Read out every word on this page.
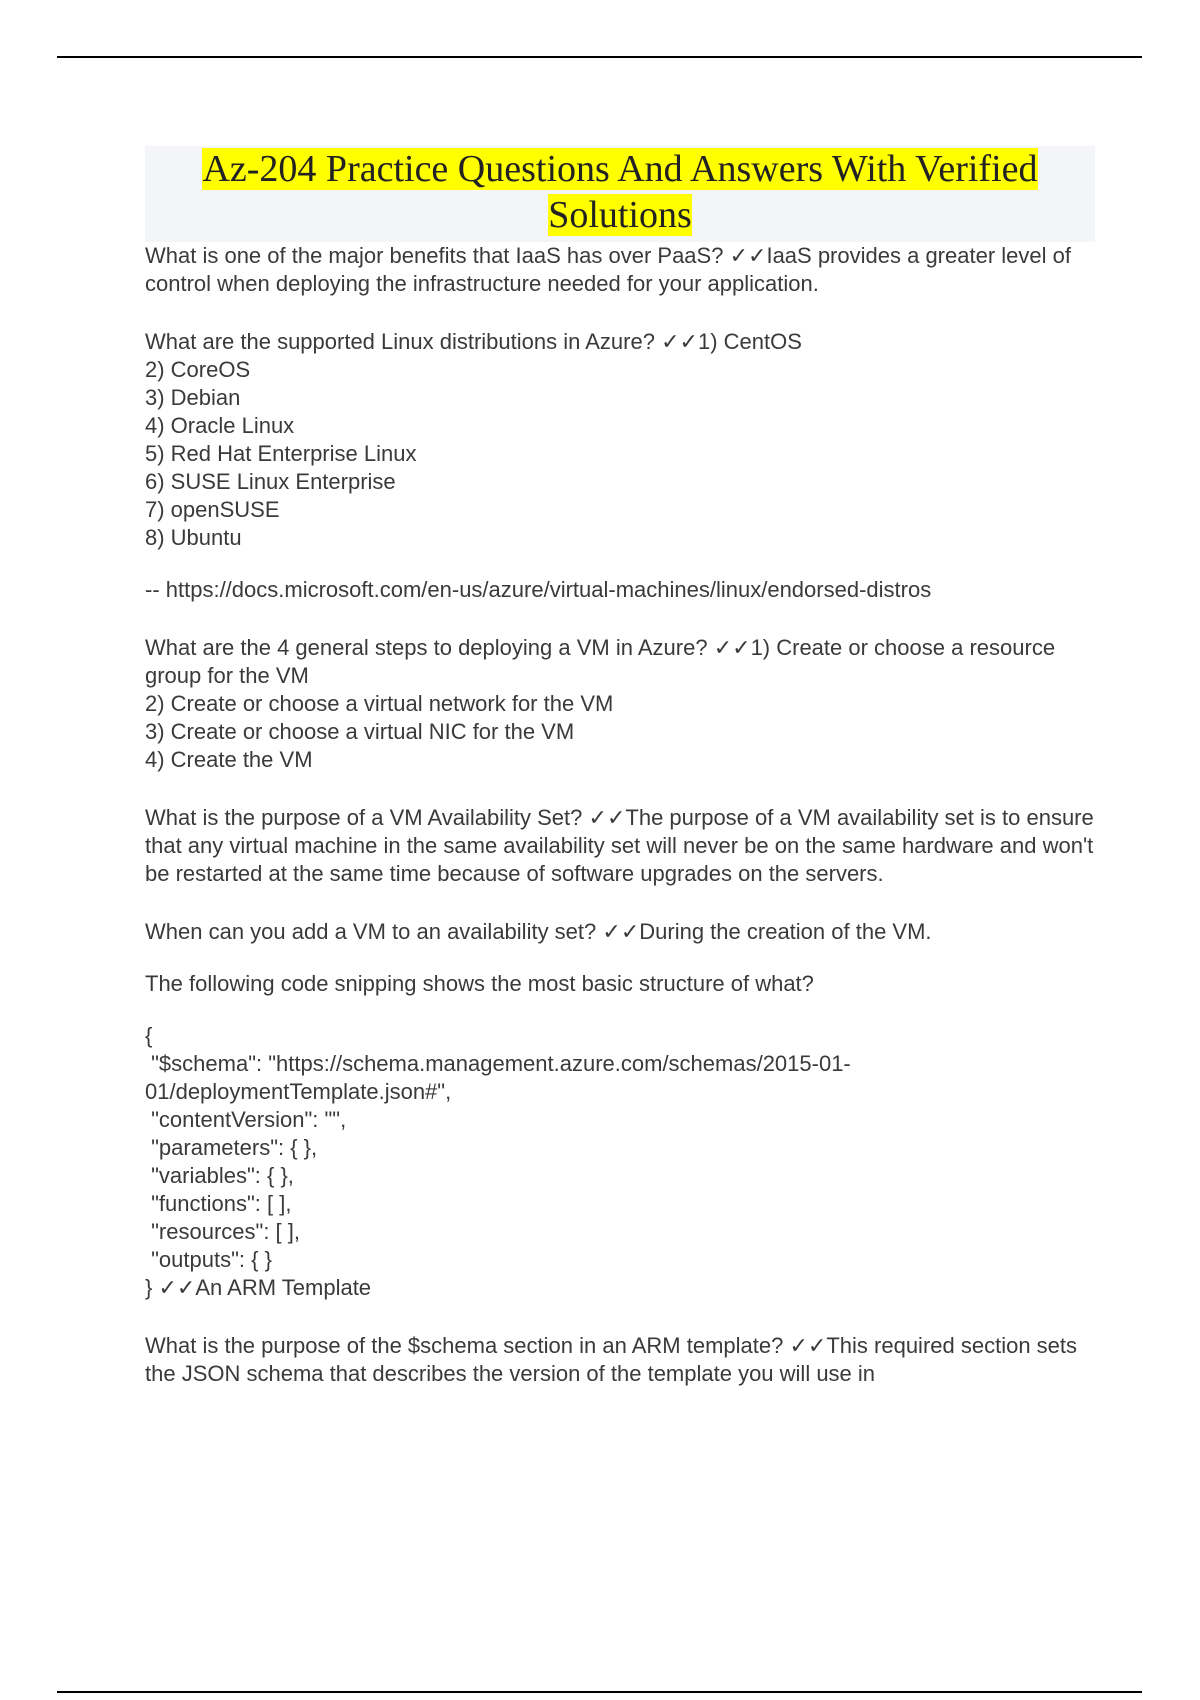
Az-204 Practice Questions And Answers With Verified Solutions

What is one of the major benefits that IaaS has over PaaS? ✓✓IaaS provides a greater level of control when deploying the infrastructure needed for your application.

What are the supported Linux distributions in Azure? ✓✓1) CentOS
2) CoreOS
3) Debian
4) Oracle Linux
5) Red Hat Enterprise Linux
6) SUSE Linux Enterprise
7) openSUSE
8) Ubuntu
-- https://docs.microsoft.com/en-us/azure/virtual-machines/linux/endorsed-distros
What are the 4 general steps to deploying a VM in Azure? ✓✓1) Create or choose a resource group for the VM
2) Create or choose a virtual network for the VM
3) Create or choose a virtual NIC for the VM
4) Create the VM

What is the purpose of a VM Availability Set? ✓✓The purpose of a VM availability set is to ensure that any virtual machine in the same availability set will never be on the same hardware and won't be restarted at the same time because of software upgrades on the servers.

When can you add a VM to an availability set? ✓✓During the creation of the VM.

The following code snipping shows the most basic structure of what?
{
"$schema": "https://schema.management.azure.com/schemas/2015-01-
01/deploymentTemplate.json#",
"contentVersion": "",
"parameters": { },
"variables": { },
"functions": [ ],
"resources": [ ],
"outputs": { }
} ✓✓An ARM Template

What is the purpose of the $schema section in an ARM template? ✓✓This required section sets the JSON schema that describes the version of the template you will use in
